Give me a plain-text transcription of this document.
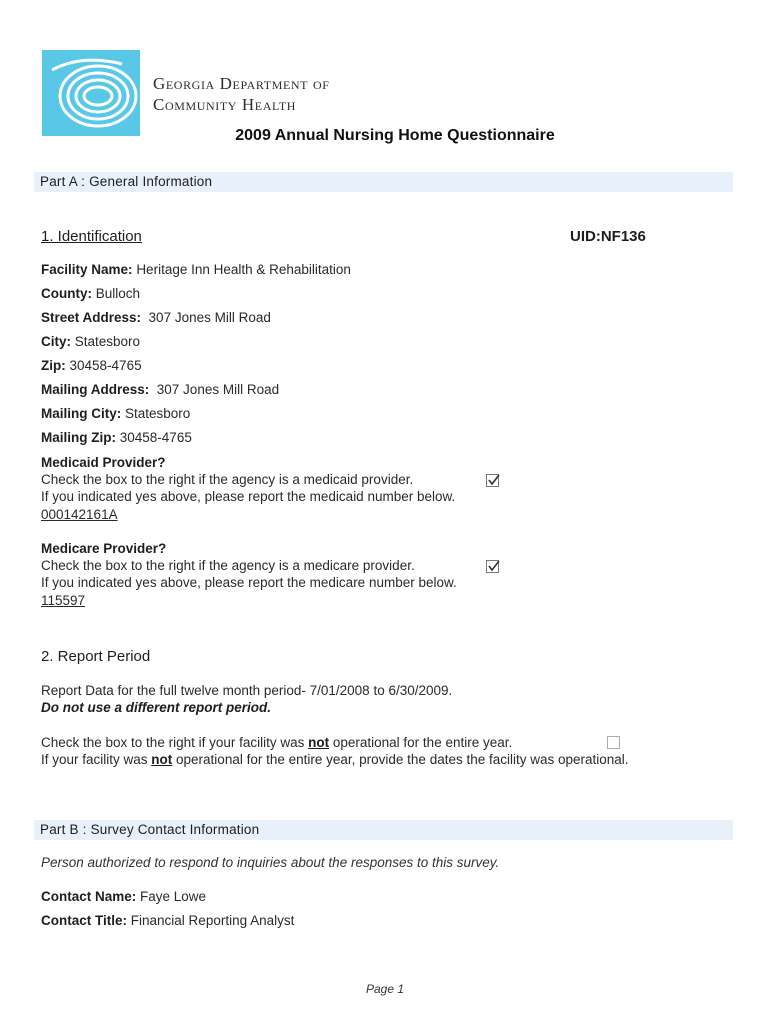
Georgia Department of
Community Health
2009 Annual Nursing Home Questionnaire
Part A : General Information
1. Identification	UID:NF136
Facility Name: Heritage Inn Health & Rehabilitation
County: Bulloch
Street Address: 307 Jones Mill Road
City: Statesboro
Zip: 30458-4765
Mailing Address: 307 Jones Mill Road
Mailing City: Statesboro
Mailing Zip: 30458-4765
Medicaid Provider?
Check the box to the right if the agency is a medicaid provider.
If you indicated yes above, please report the medicaid number below.
000142161A
Medicare Provider?
Check the box to the right if the agency is a medicare provider.
If you indicated yes above, please report the medicare number below.
115597
2. Report Period
Report Data for the full twelve month period- 7/01/2008 to 6/30/2009.
Do not use a different report period.
Check the box to the right if your facility was not operational for the entire year.
If your facility was not operational for the entire year, provide the dates the facility was operational.
Part B : Survey Contact Information
Person authorized to respond to inquiries about the responses to this survey.
Contact Name: Faye Lowe
Contact Title: Financial Reporting Analyst
Page 1
